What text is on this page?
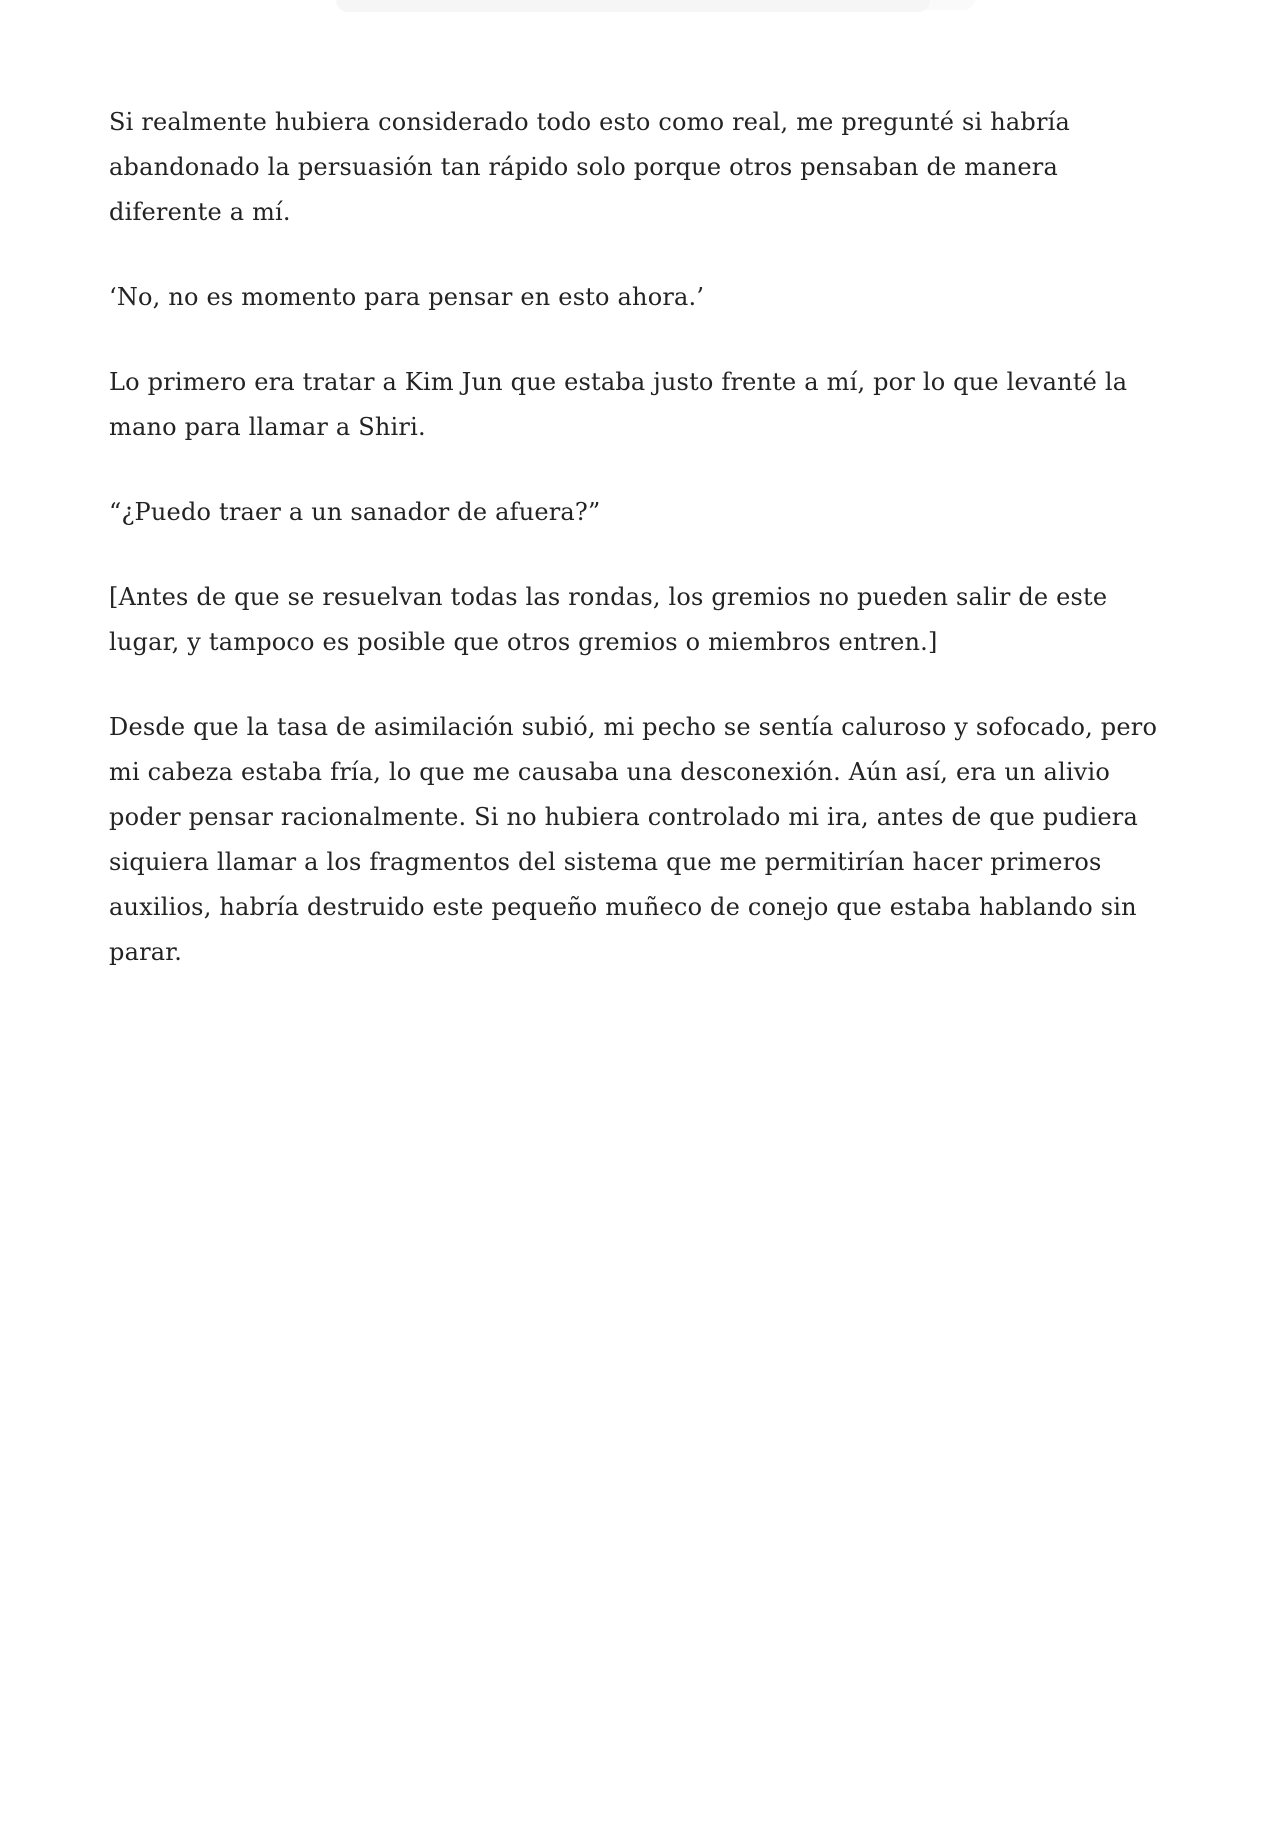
Si realmente hubiera considerado todo esto como real, me pregunté si habría abandonado la persuasión tan rápido solo porque otros pensaban de manera diferente a mí.

‘No, no es momento para pensar en esto ahora.’

Lo primero era tratar a Kim Jun que estaba justo frente a mí, por lo que levanté la mano para llamar a Shiri.

“¿Puedo traer a un sanador de afuera?”

[Antes de que se resuelvan todas las rondas, los gremios no pueden salir de este lugar, y tampoco es posible que otros gremios o miembros entren.]

Desde que la tasa de asimilación subió, mi pecho se sentía caluroso y sofocado, pero mi cabeza estaba fría, lo que me causaba una desconexión. Aún así, era un alivio poder pensar racionalmente. Si no hubiera controlado mi ira, antes de que pudiera siquiera llamar a los fragmentos del sistema que me permitirían hacer primeros auxilios, habría destruido este pequeño muñeco de conejo que estaba hablando sin parar.
